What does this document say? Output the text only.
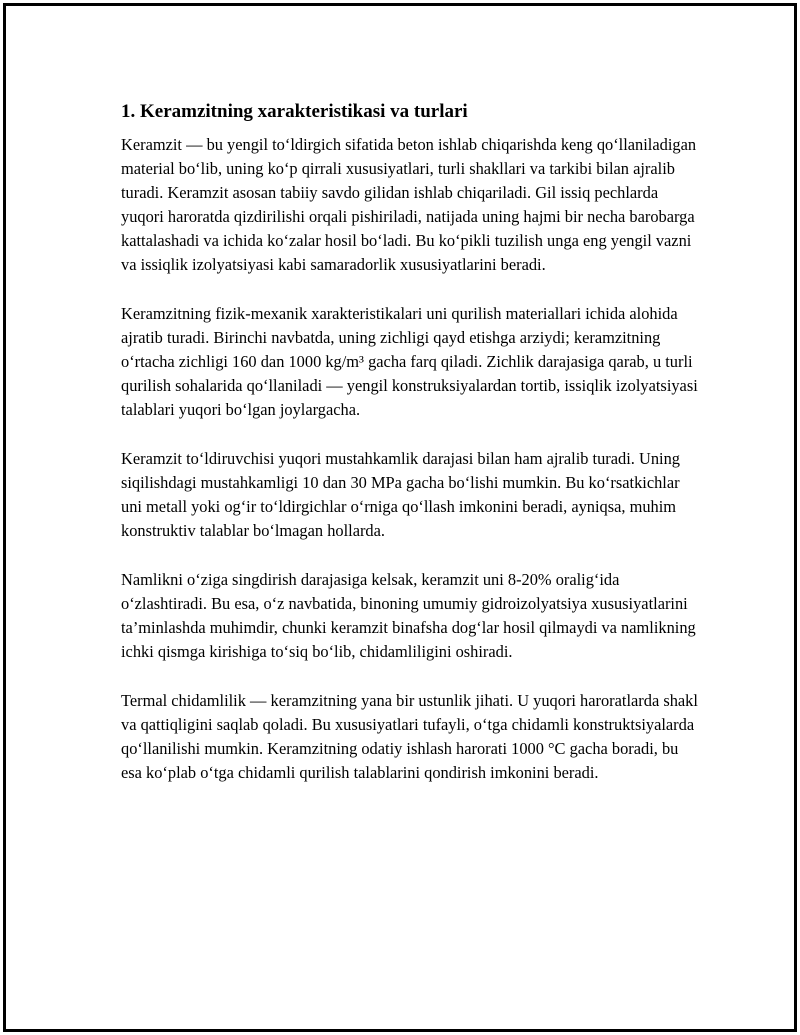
1. Keramzitning xarakteristikasi va turlari

Keramzit — bu yengil to‘ldirgich sifatida beton ishlab chiqarishda keng qo‘llaniladigan material bo‘lib, uning ko‘p qirrali xususiyatlari, turli shakllari va tarkibi bilan ajralib turadi. Keramzit asosan tabiiy savdo gilidan ishlab chiqariladi. Gil issiq pechlarda yuqori haroratda qizdirilishi orqali pishiriladi, natijada uning hajmi bir necha barobarga kattalashadi va ichida ko‘zalar hosil bo‘ladi. Bu ko‘pikli tuzilish unga eng yengil vazni va issiqlik izolyatsiyasi kabi samaradorlik xususiyatlarini beradi.

Keramzitning fizik-mexanik xarakteristikalari uni qurilish materiallari ichida alohida ajratib turadi. Birinchi navbatda, uning zichligi qayd etishga arziydi; keramzitning o‘rtacha zichligi 160 dan 1000 kg/m³ gacha farq qiladi. Zichlik darajasiga qarab, u turli qurilish sohalarida qo‘llaniladi — yengil konstruksiyalardan tortib, issiqlik izolyatsiyasi talablari yuqori bo‘lgan joylargacha.

Keramzit to‘ldiruvchisi yuqori mustahkamlik darajasi bilan ham ajralib turadi. Uning siqilishdagi mustahkamligi 10 dan 30 MPa gacha bo‘lishi mumkin. Bu ko‘rsatkichlar uni metall yoki og‘ir to‘ldirgichlar o‘rniga qo‘llash imkonini beradi, ayniqsa, muhim konstruktiv talablar bo‘lmagan hollarda.

Namlikni o‘ziga singdirish darajasiga kelsak, keramzit uni 8-20% oralig‘ida o‘zlashtiradi. Bu esa, o‘z navbatida, binoning umumiy gidroizolyatsiya xususiyatlarini ta’minlashda muhimdir, chunki keramzit binafsha dog‘lar hosil qilmaydi va namlikning ichki qismga kirishiga to‘siq bo‘lib, chidamliligini oshiradi.

Termal chidamlilik — keramzitning yana bir ustunlik jihati. U yuqori haroratlarda shakl va qattiqligini saqlab qoladi. Bu xususiyatlari tufayli, o‘tga chidamli konstruktsiyalarda qo‘llanilishi mumkin. Keramzitning odatiy ishlash harorati 1000 °C gacha boradi, bu esa ko‘plab o‘tga chidamli qurilish talablarini qondirish imkonini beradi.
